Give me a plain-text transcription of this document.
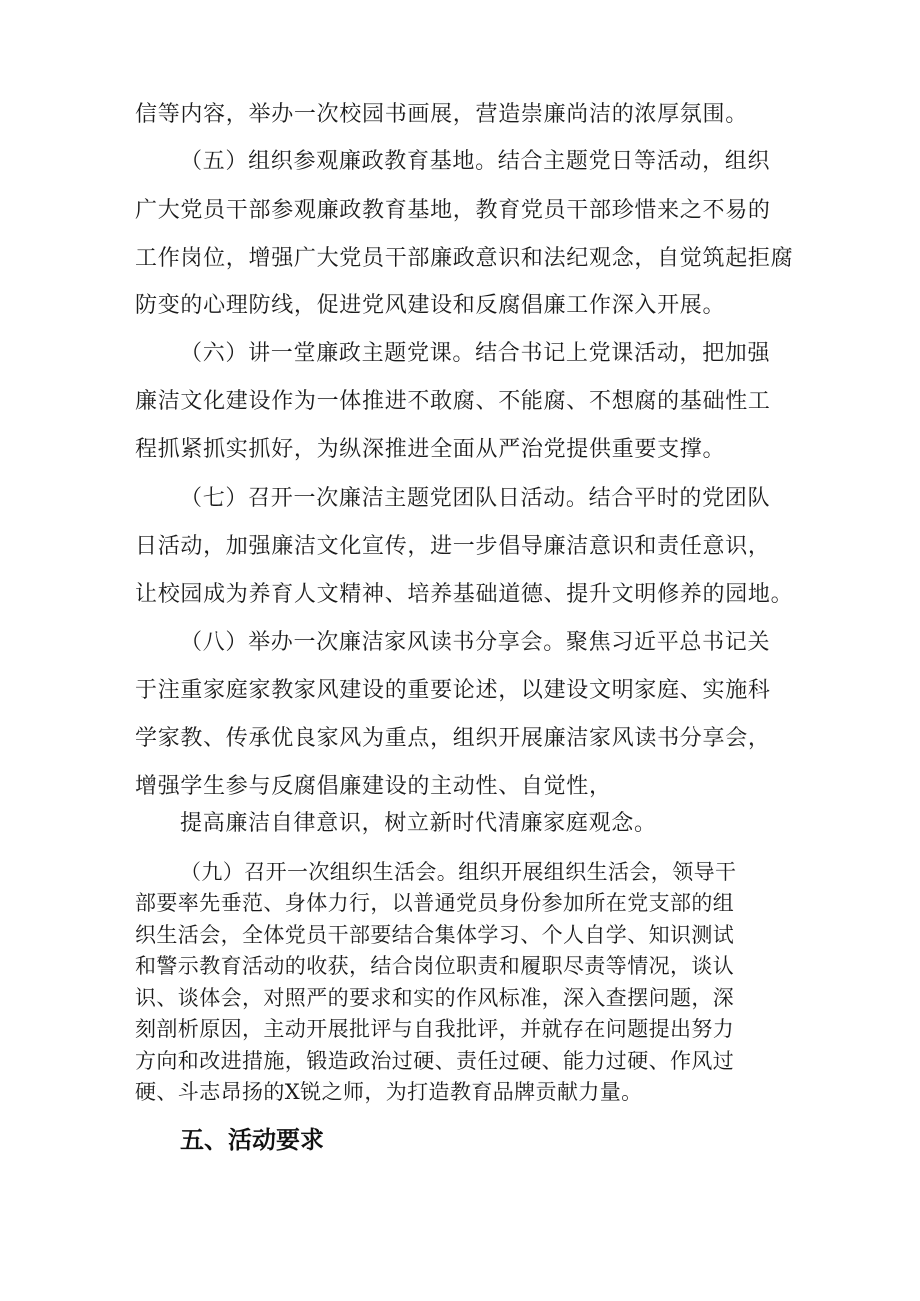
信等内容，举办一次校园书画展，营造崇廉尚洁的浓厚氛围。
（五）组织参观廉政教育基地。结合主题党日等活动，组织
广大党员干部参观廉政教育基地，教育党员干部珍惜来之不易的
工作岗位，增强广大党员干部廉政意识和法纪观念，自觉筑起拒腐
防变的心理防线，促进党风建设和反腐倡廉工作深入开展。
（六）讲一堂廉政主题党课。结合书记上党课活动，把加强
廉洁文化建设作为一体推进不敢腐、不能腐、不想腐的基础性工
程抓紧抓实抓好，为纵深推进全面从严治党提供重要支撑。
（七）召开一次廉洁主题党团队日活动。结合平时的党团队
日活动，加强廉洁文化宣传，进一步倡导廉洁意识和责任意识，
让校园成为养育人文精神、培养基础道德、提升文明修养的园地。
（八）举办一次廉洁家风读书分享会。聚焦习近平总书记关
于注重家庭家教家风建设的重要论述，以建设文明家庭、实施科
学家教、传承优良家风为重点，组织开展廉洁家风读书分享会，
增强学生参与反腐倡廉建设的主动性、自觉性，
提高廉洁自律意识，树立新时代清廉家庭观念。
（九）召开一次组织生活会。组织开展组织生活会，领导干
部要率先垂范、身体力行，以普通党员身份参加所在党支部的组
织生活会，全体党员干部要结合集体学习、个人自学、知识测试
和警示教育活动的收获，结合岗位职责和履职尽责等情况，谈认
识、谈体会，对照严的要求和实的作风标准，深入查摆问题，深
刻剖析原因，主动开展批评与自我批评，并就存在问题提出努力
方向和改进措施，锻造政治过硬、责任过硬、能力过硬、作风过
硬、斗志昂扬的X锐之师，为打造教育品牌贡献力量。
五、活动要求
